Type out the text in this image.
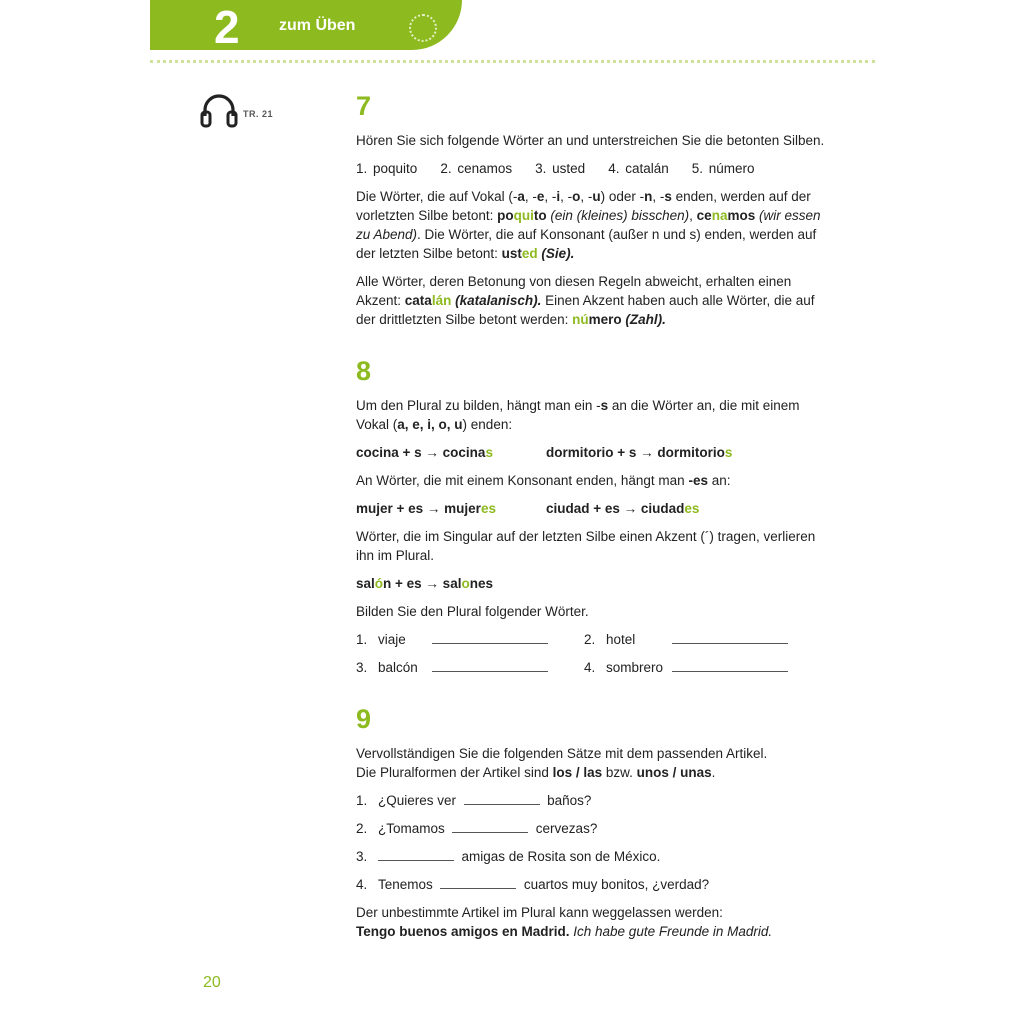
2 zum Üben
TR. 21	7

Hören Sie sich folgende Wörter an und unterstreichen Sie die betonten Silben.

1. poquito 2. cenamos 3. usted 4. catalán 5. número

Die Wörter, die auf Vokal (-a, -e, -i, -o, -u) oder -n, -s enden, werden auf der vorletzten Silbe betont: poquito (ein (kleines) bisschen), cenamos (wir essen zu Abend). Die Wörter, die auf Konsonant (außer n und s) enden, werden auf der letzten Silbe betont: usted (Sie).

Alle Wörter, deren Betonung von diesen Regeln abweicht, erhalten einen Akzent: catalán (katalanisch). Einen Akzent haben auch alle Wörter, die auf der drittletzten Silbe betont werden: número (Zahl).

8

Um den Plural zu bilden, hängt man ein -s an die Wörter an, die mit einem Vokal (a, e, i, o, u) enden:

cocina + s → cocinas	dormitorio + s → dormitorios

An Wörter, die mit einem Konsonant enden, hängt man -es an:

mujer + es → mujeres	ciudad + es → ciudades

Wörter, die im Singular auf der letzten Silbe einen Akzent (´) tragen, verlieren ihn im Plural.

salón + es → salones

Bilden Sie den Plural folgender Wörter.

1. viaje	2. hotel
3. balcón	4. sombrero
9

Vervollständigen Sie die folgenden Sätze mit dem passenden Artikel.

Die Pluralformen der Artikel sind los / las bzw. unos / unas.

1. ¿Quieres ver

	baños?
2. ¿Tomamos

	cervezas?
3.
	amigas de Rosita son de México.
4. Tenemos

	cuartos muy bonitos, ¿verdad?

Der unbestimmte Artikel im Plural kann weggelassen werden:

Tengo buenos amigos en Madrid. Ich habe gute Freunde in Madrid.

20
